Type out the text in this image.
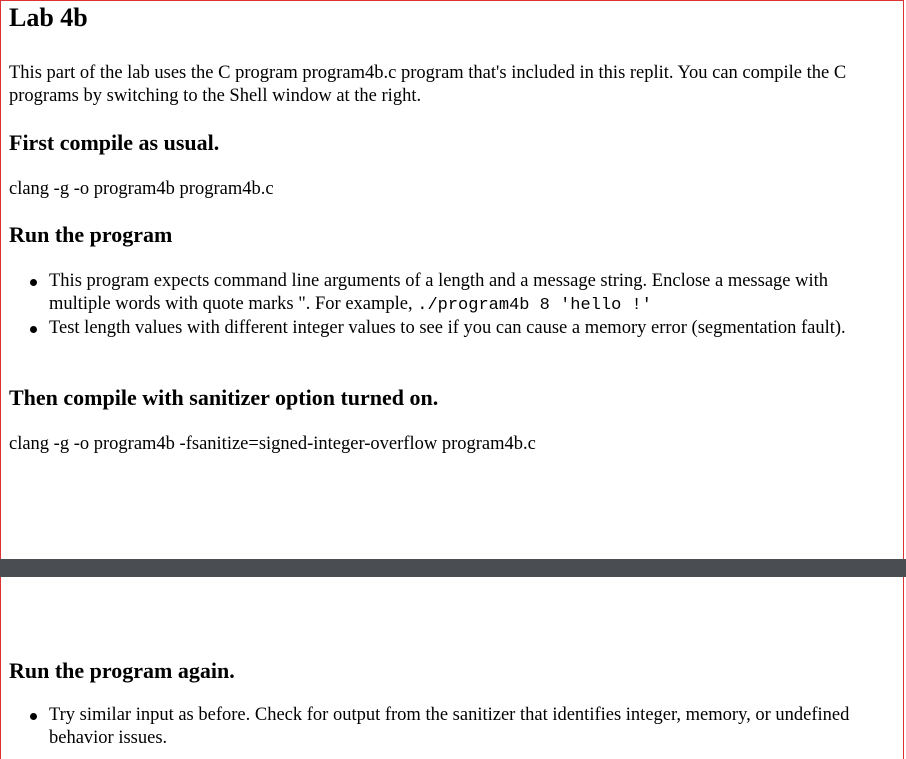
Lab 4b

This part of the lab uses the C program program4b.c program that's included in this replit. You can compile the C programs by switching to the Shell window at the right.

First compile as usual.

clang -g -o program4b program4b.c

Run the program
This program expects command line arguments of a length and a message string. Enclose a message with multiple words with quote marks ". For example, ./program4b 8 'hello !'
Test length values with different integer values to see if you can cause a memory error (segmentation fault).
Then compile with sanitizer option turned on.

clang -g -o program4b -fsanitize=signed-integer-overflow program4b.c

Run the program again.
Try similar input as before. Check for output from the sanitizer that identifies integer, memory, or undefined behavior issues.
